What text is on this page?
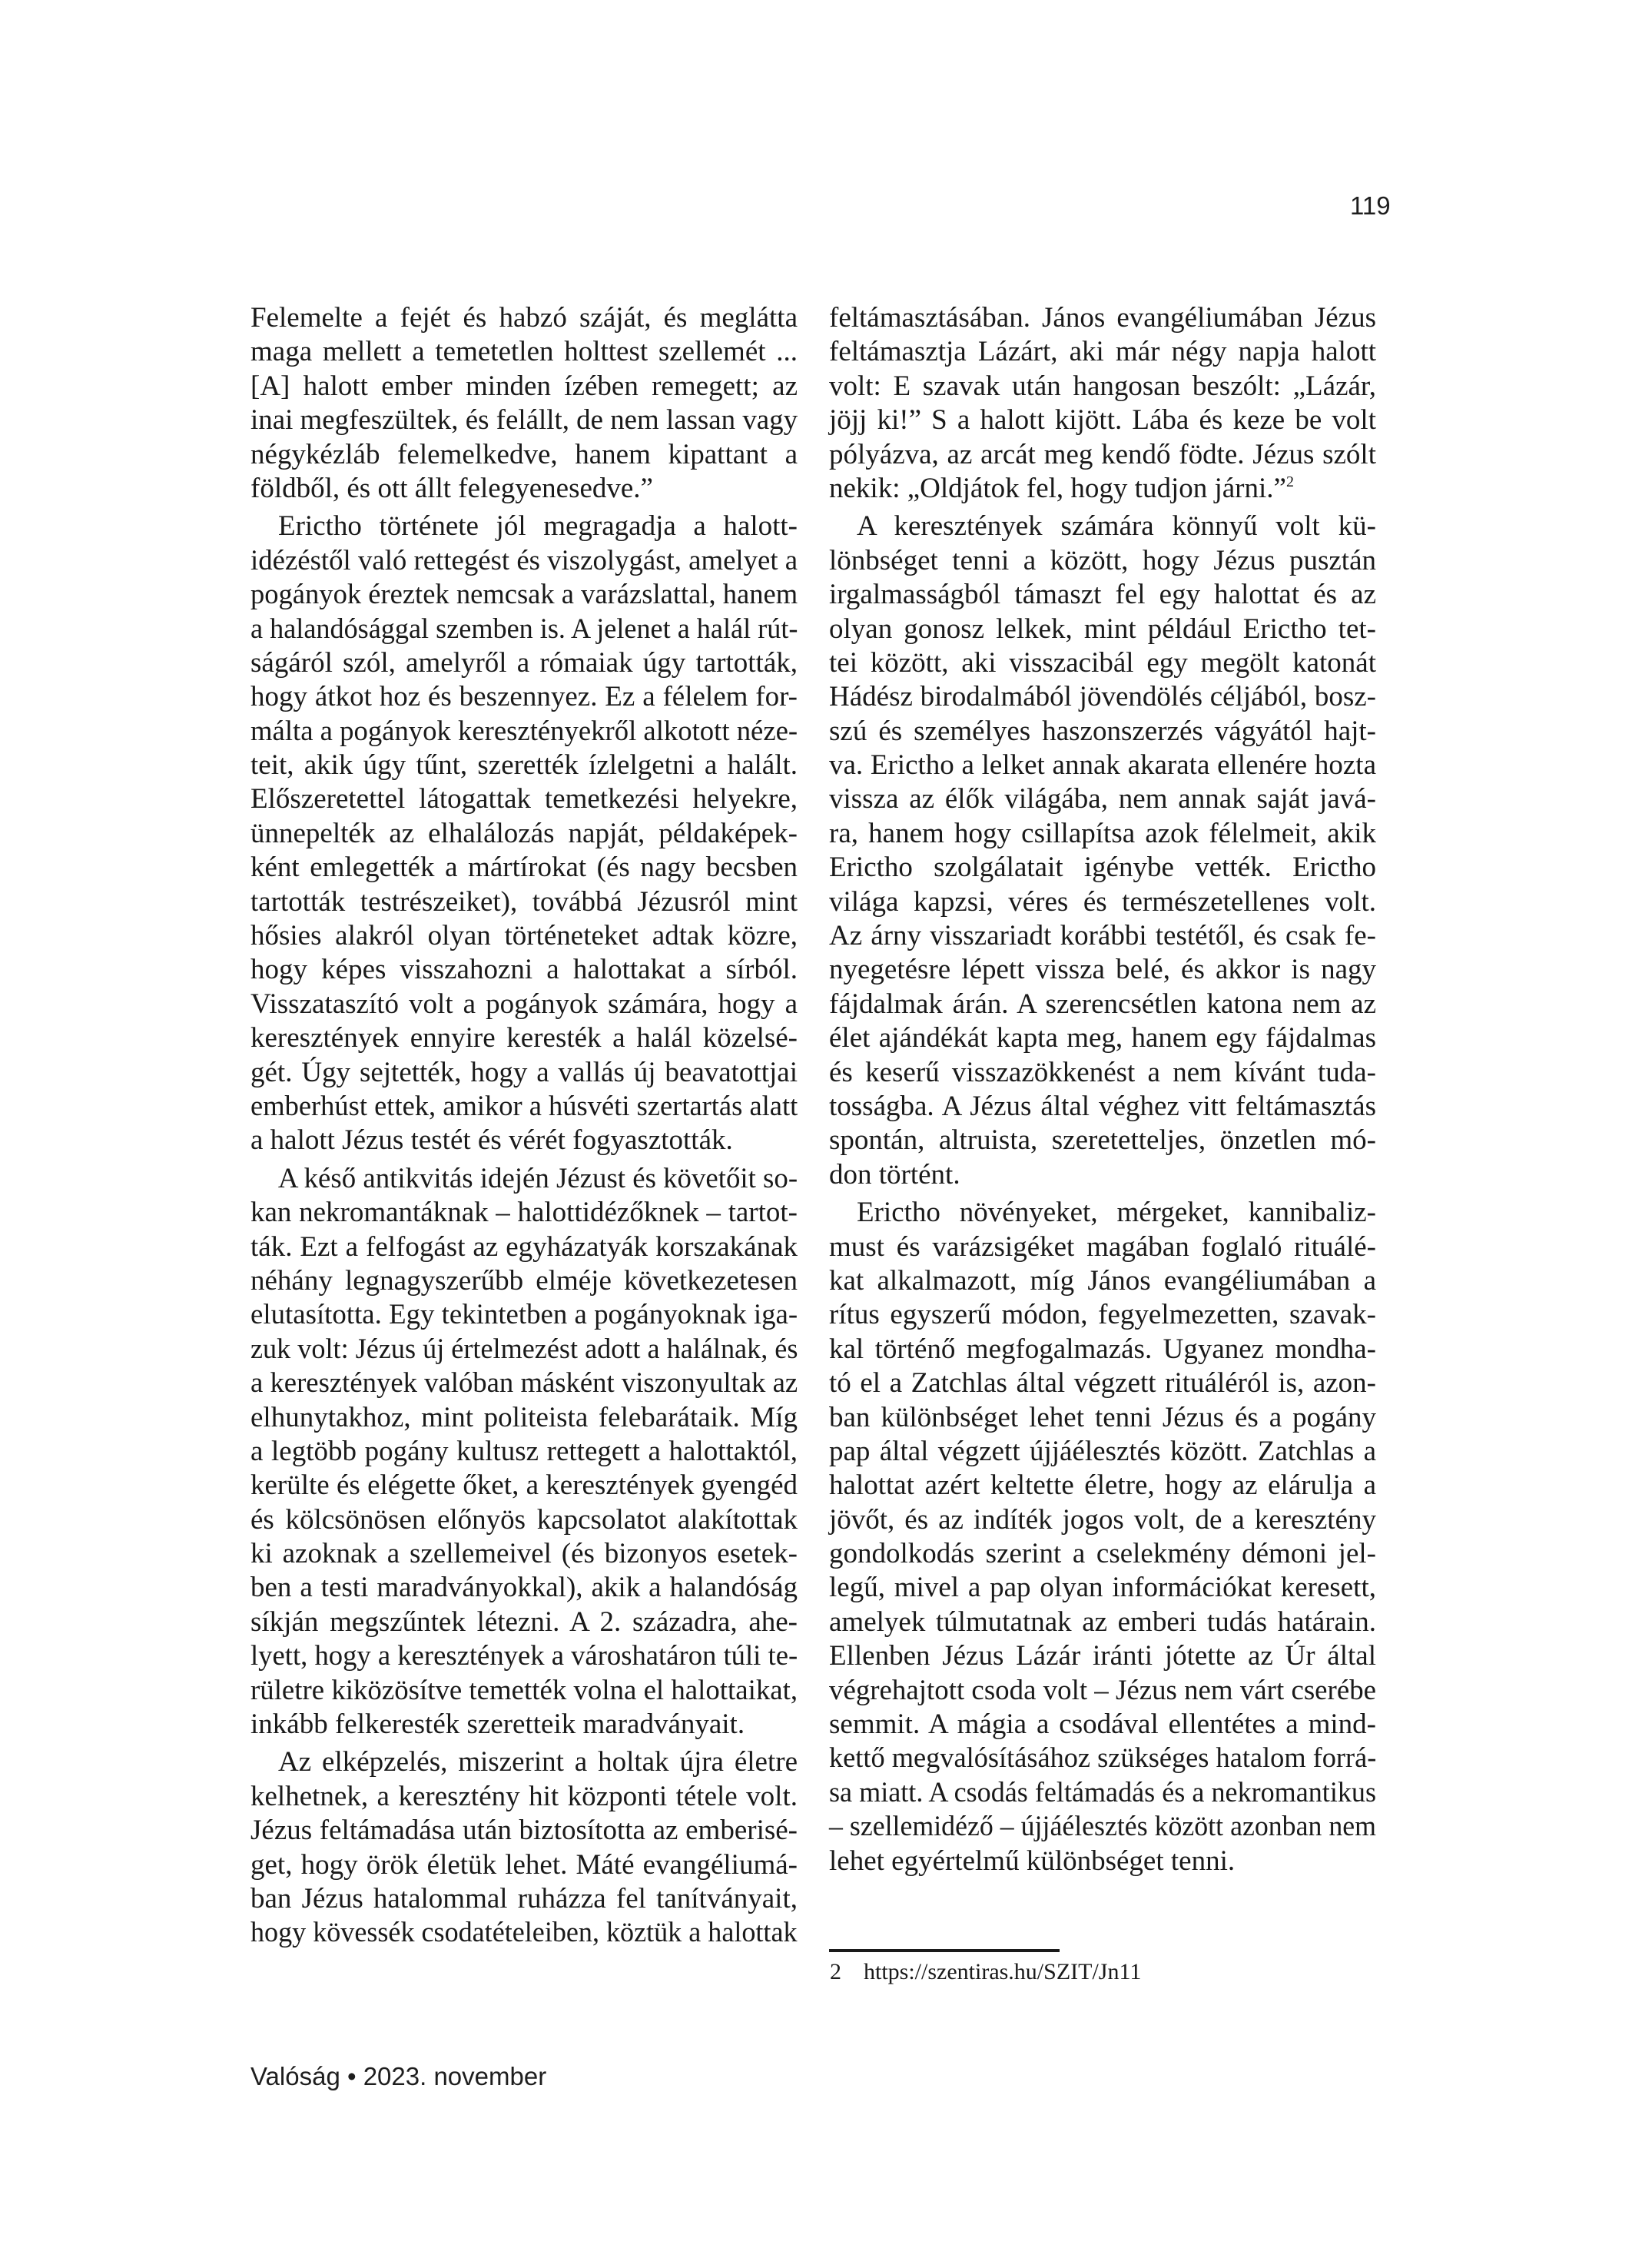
119
Felemelte a fejét és habzó száját, és meglátta
maga mellett a temetetlen holttest szellemét ...
[A] halott ember minden ízében remegett; az
inai megfeszültek, és felállt, de nem lassan vagy
négykézláb felemelkedve, hanem kipattant a
földből, és ott állt felegyenesedve.”
Erictho története jól megragadja a halott-
idézéstől való rettegést és viszolygást, amelyet a
pogányok éreztek nemcsak a varázslattal, hanem
a halandósággal szemben is. A jelenet a halál rút-
ságáról szól, amelyről a rómaiak úgy tartották,
hogy átkot hoz és beszennyez. Ez a félelem for-
málta a pogányok keresztényekről alkotott néze-
teit, akik úgy tűnt, szerették ízlelgetni a halált.
Előszeretettel látogattak temetkezési helyekre,
ünnepelték az elhalálozás napját, példaképek-
ként emlegették a mártírokat (és nagy becsben
tartották testrészeiket), továbbá Jézusról mint
hősies alakról olyan történeteket adtak közre,
hogy képes visszahozni a halottakat a sírból.
Visszataszító volt a pogányok számára, hogy a
keresztények ennyire keresték a halál közelsé-
gét. Úgy sejtették, hogy a vallás új beavatottjai
emberhúst ettek, amikor a húsvéti szertartás alatt
a halott Jézus testét és vérét fogyasztották.
A késő antikvitás idején Jézust és követőit so-
kan nekromantáknak – halottidézőknek – tartot-
ták. Ezt a felfogást az egyházatyák korszakának
néhány legnagyszerűbb elméje következetesen
elutasította. Egy tekintetben a pogányoknak iga-
zuk volt: Jézus új értelmezést adott a halálnak, és
a keresztények valóban másként viszonyultak az
elhunytakhoz, mint politeista felebarátaik. Míg
a legtöbb pogány kultusz rettegett a halottaktól,
kerülte és elégette őket, a keresztények gyengéd
és kölcsönösen előnyös kapcsolatot alakítottak
ki azoknak a szellemeivel (és bizonyos esetek-
ben a testi maradványokkal), akik a halandóság
síkján megszűntek létezni. A 2. századra, ahe-
lyett, hogy a keresztények a városhatáron túli te-
rületre kiközösítve temették volna el halottaikat,
inkább felkeresték szeretteik maradványait.
Az elképzelés, miszerint a holtak újra életre
kelhetnek, a keresztény hit központi tétele volt.
Jézus feltámadása után biztosította az emberisé-
get, hogy örök életük lehet. Máté evangéliumá-
ban Jézus hatalommal ruházza fel tanítványait,
hogy kövessék csodatételeiben, köztük a halottak
feltámasztásában. János evangéliumában Jézus
feltámasztja Lázárt, aki már négy napja halott
volt: E szavak után hangosan beszólt: „Lázár,
jöjj ki!” S a halott kijött. Lába és keze be volt
pólyázva, az arcát meg kendő födte. Jézus szólt
nekik: „Oldjátok fel, hogy tudjon járni.”$^2$
A keresztények számára könnyű volt kü-
lönbséget tenni a között, hogy Jézus pusztán
irgalmasságból támaszt fel egy halottat és az
olyan gonosz lelkek, mint például Erictho tet-
tei között, aki visszacibál egy megölt katonát
Hádész birodalmából jövendölés céljából, bosz-
szú és személyes haszonszerzés vágyától hajt-
va. Erictho a lelket annak akarata ellenére hozta
vissza az élők világába, nem annak saját javá-
ra, hanem hogy csillapítsa azok félelmeit, akik
Erictho szolgálatait igénybe vették. Erictho
világa kapzsi, véres és természetellenes volt.
Az árny visszariadt korábbi testétől, és csak fe-
nyegetésre lépett vissza belé, és akkor is nagy
fájdalmak árán. A szerencsétlen katona nem az
élet ajándékát kapta meg, hanem egy fájdalmas
és keserű visszazökkenést a nem kívánt tuda-
tosságba. A Jézus által véghez vitt feltámasztás
spontán, altruista, szeretetteljes, önzetlen mó-
don történt.
Erictho növényeket, mérgeket, kannibaliz-
must és varázsigéket magában foglaló rituálé-
kat alkalmazott, míg János evangéliumában a
rítus egyszerű módon, fegyelmezetten, szavak-
kal történő megfogalmazás. Ugyanez mondha-
tó el a Zatchlas által végzett rituáléról is, azon-
ban különbséget lehet tenni Jézus és a pogány
pap által végzett újjáélesztés között. Zatchlas a
halottat azért keltette életre, hogy az elárulja a
jövőt, és az indíték jogos volt, de a keresztény
gondolkodás szerint a cselekmény démoni jel-
legű, mivel a pap olyan információkat keresett,
amelyek túlmutatnak az emberi tudás határain.
Ellenben Jézus Lázár iránti jótette az Úr által
végrehajtott csoda volt – Jézus nem várt cserébe
semmit. A mágia a csodával ellentétes a mind-
kettő megvalósításához szükséges hatalom forrá-
sa miatt. A csodás feltámadás és a nekromantikus
– szellemidéző – újjáélesztés között azonban nem
lehet egyértelmű különbséget tenni.
2 https://szentiras.hu/SZIT/Jn11
Valóság • 2023. november
